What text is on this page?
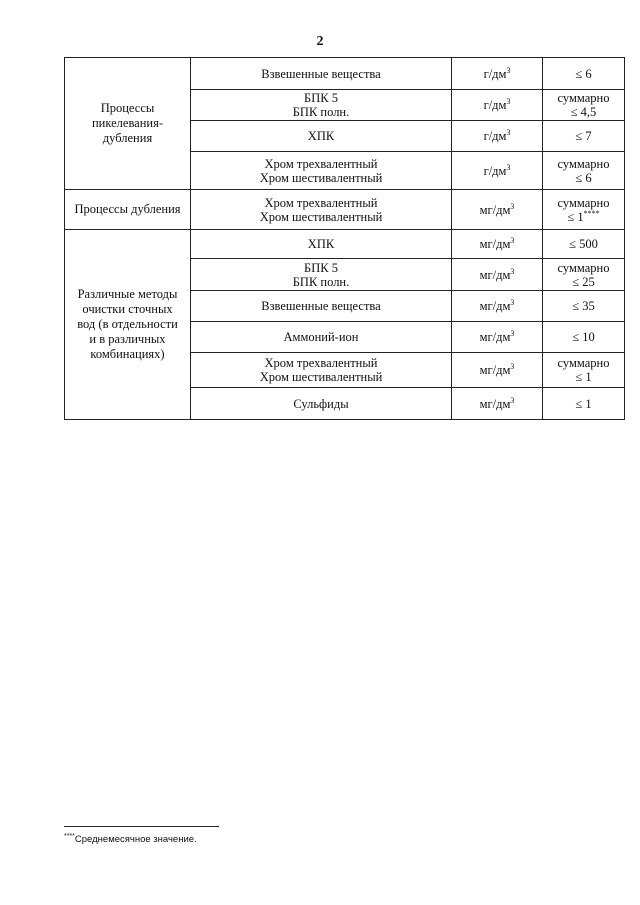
2
Процессы
пикелевания-
дубления	Взвешенные вещества	$г/дм^3$	≤ 6

	БПК 5
БПК полн.	$г/дм^3$	суммарно
≤ 4,5

	ХПК	$г/дм^3$	≤ 7

	Хром трехвалентный
Хром шестивалентный	$г/дм^3$	суммарно
≤ 6

Процессы дубления	Хром трехвалентный
Хром шестивалентный	$мг/дм^3$	суммарно
≤ 1****

Различные методы
очистки сточных
вод (в отдельности
и в различных
комбинациях)	ХПК	$мг/дм^3$	≤ 500

	БПК 5
БПК полн.	$мг/дм^3$	суммарно
≤ 25

	Взвешенные вещества	$мг/дм^3$	≤ 35

	Аммоний-ион	$мг/дм^3$	≤ 10

	Хром трехвалентный
Хром шестивалентный	$мг/дм^3$	суммарно
≤ 1

	Сульфиды	$мг/дм^3$	≤ 1
****Среднемесячное значение.
